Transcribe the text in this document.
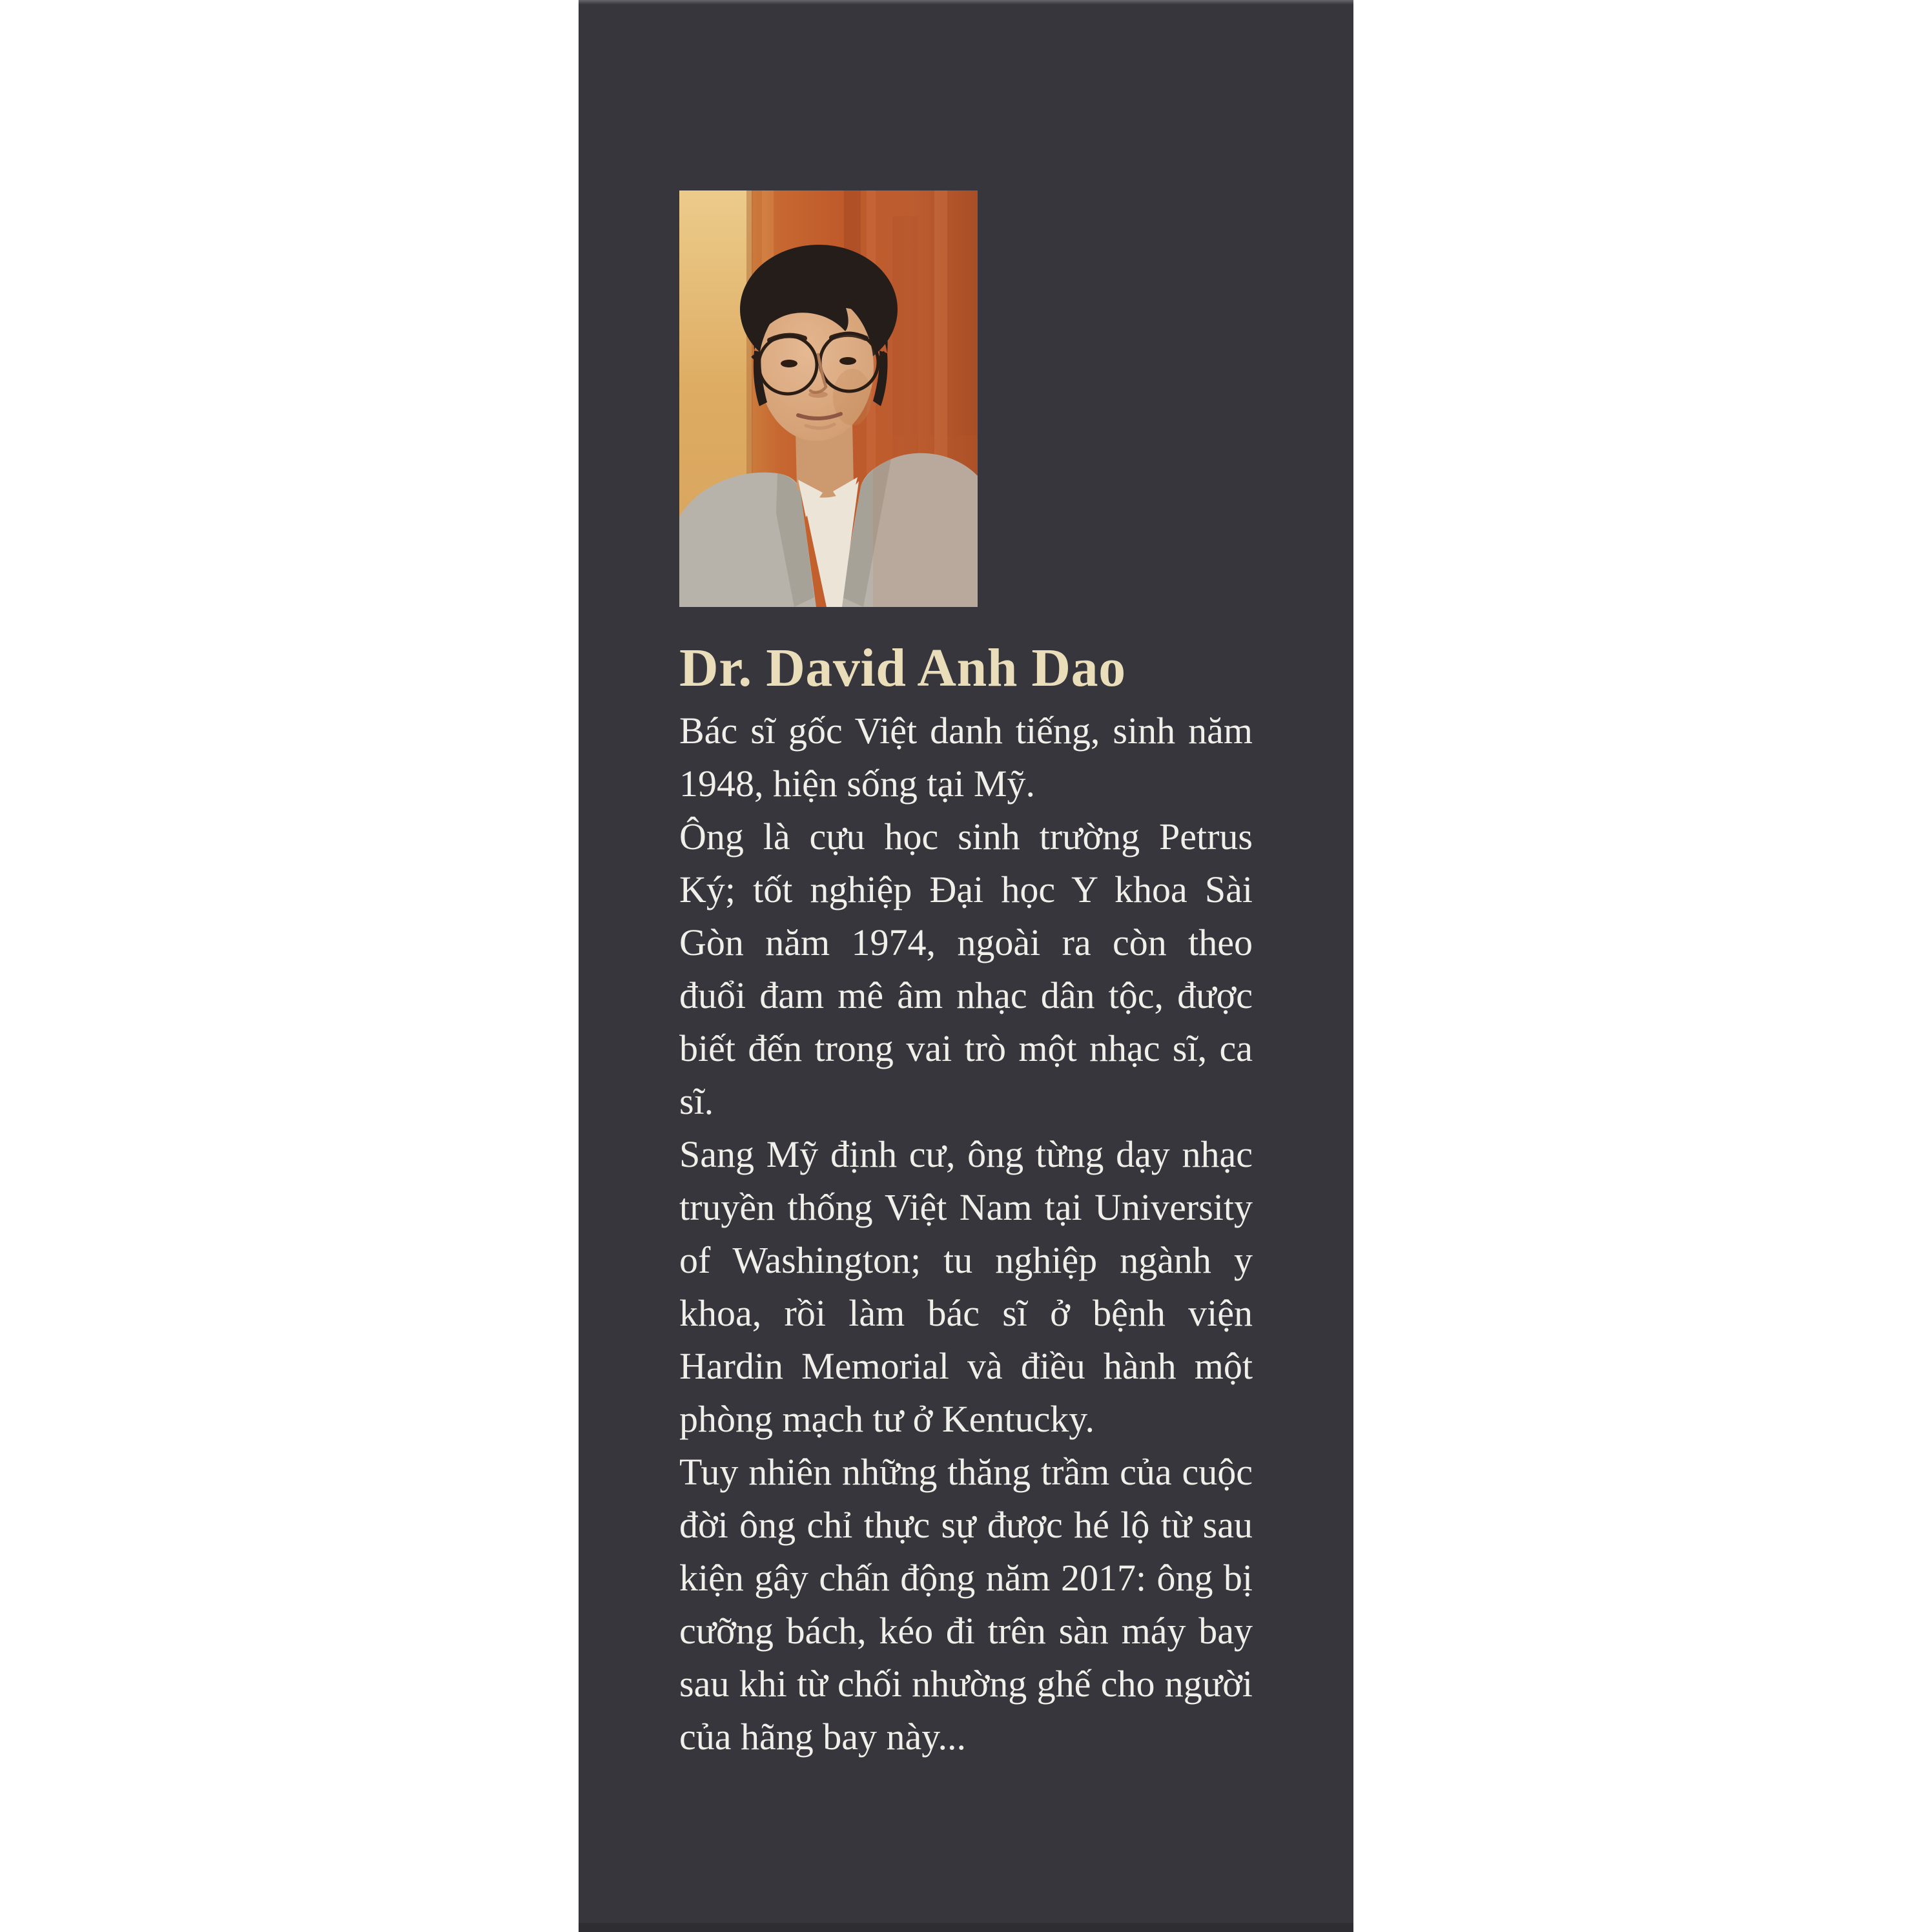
Dr. David Anh Dao

Bác sĩ gốc Việt danh tiếng, sinh năm 1948, hiện sống tại Mỹ.

Ông là cựu học sinh trường Petrus Ký; tốt nghiệp Đại học Y khoa Sài Gòn năm 1974, ngoài ra còn theo đuổi đam mê âm nhạc dân tộc, được biết đến trong vai trò một nhạc sĩ, ca sĩ.

Sang Mỹ định cư, ông từng dạy nhạc truyền thống Việt Nam tại University of Washington; tu nghiệp ngành y khoa, rồi làm bác sĩ ở bệnh viện Hardin Memorial và điều hành một phòng mạch tư ở Kentucky.

Tuy nhiên những thăng trầm của cuộc đời ông chỉ thực sự được hé lộ từ sau kiện gây chấn động năm 2017: ông bị cưỡng bách, kéo đi trên sàn máy bay sau khi từ chối nhường ghế cho người của hãng bay này...
